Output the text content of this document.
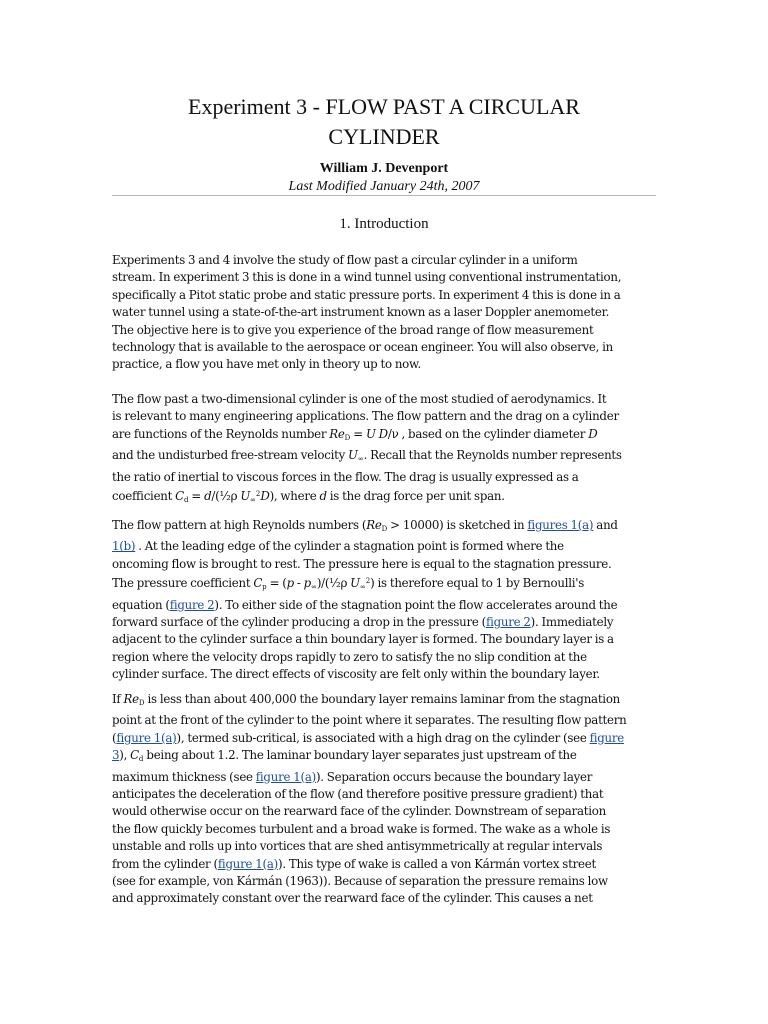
Experiment 3 - FLOW PAST A CIRCULAR
CYLINDER
William J. Devenport
Last Modified January 24th, 2007
1. Introduction

Experiments 3 and 4 involve the study of flow past a circular cylinder in a uniform
stream. In experiment 3 this is done in a wind tunnel using conventional instrumentation,
specifically a Pitot static probe and static pressure ports. In experiment 4 this is done in a
water tunnel using a state-of-the-art instrument known as a laser Doppler anemometer.
The objective here is to give you experience of the broad range of flow measurement
technology that is available to the aerospace or ocean engineer. You will also observe, in
practice, a flow you have met only in theory up to now.

The flow past a two-dimensional cylinder is one of the most studied of aerodynamics. It
is relevant to many engineering applications. The flow pattern and the drag on a cylinder
are functions of the Reynolds number $Re_D = U$ D/ν , based on the cylinder diameter D
and the undisturbed free-stream velocity $U_\infty$. Recall that the Reynolds number represents
the ratio of inertial to viscous forces in the flow. The drag is usually expressed as a
coefficient $C_d$ = d/(½ρ $U_\infty^2D$), where d is the drag force per unit span.

The flow pattern at high Reynolds numbers $(Re_D > 10000)$ is sketched in figures 1(a) and
1(b) . At the leading edge of the cylinder a stagnation point is formed where the
oncoming flow is brought to rest. The pressure here is equal to the stagnation pressure.
The pressure coefficient $C_p = (p$ - $p_\infty)/(\frac{1}{2}\rho$ $U_\infty^2$) is therefore equal to 1 by Bernoulli's
equation (figure 2). To either side of the stagnation point the flow accelerates around the
forward surface of the cylinder producing a drop in the pressure (figure 2). Immediately
adjacent to the cylinder surface a thin boundary layer is formed. The boundary layer is a
region where the velocity drops rapidly to zero to satisfy the no slip condition at the
cylinder surface. The direct effects of viscosity are felt only within the boundary layer.

If $Re_D$ is less than about 400,000 the boundary layer remains laminar from the stagnation
point at the front of the cylinder to the point where it separates. The resulting flow pattern
(figure 1(a)), termed sub-critical, is associated with a high drag on the cylinder (see figure
3), $C_d$ being about 1.2. The laminar boundary layer separates just upstream of the
maximum thickness (see figure 1(a)). Separation occurs because the boundary layer
anticipates the deceleration of the flow (and therefore positive pressure gradient) that
would otherwise occur on the rearward face of the cylinder. Downstream of separation
the flow quickly becomes turbulent and a broad wake is formed. The wake as a whole is
unstable and rolls up into vortices that are shed antisymmetrically at regular intervals
from the cylinder (figure 1(a)). This type of wake is called a von Kármán vortex street
(see for example, von Kármán (1963)). Because of separation the pressure remains low
and approximately constant over the rearward face of the cylinder. This causes a net
